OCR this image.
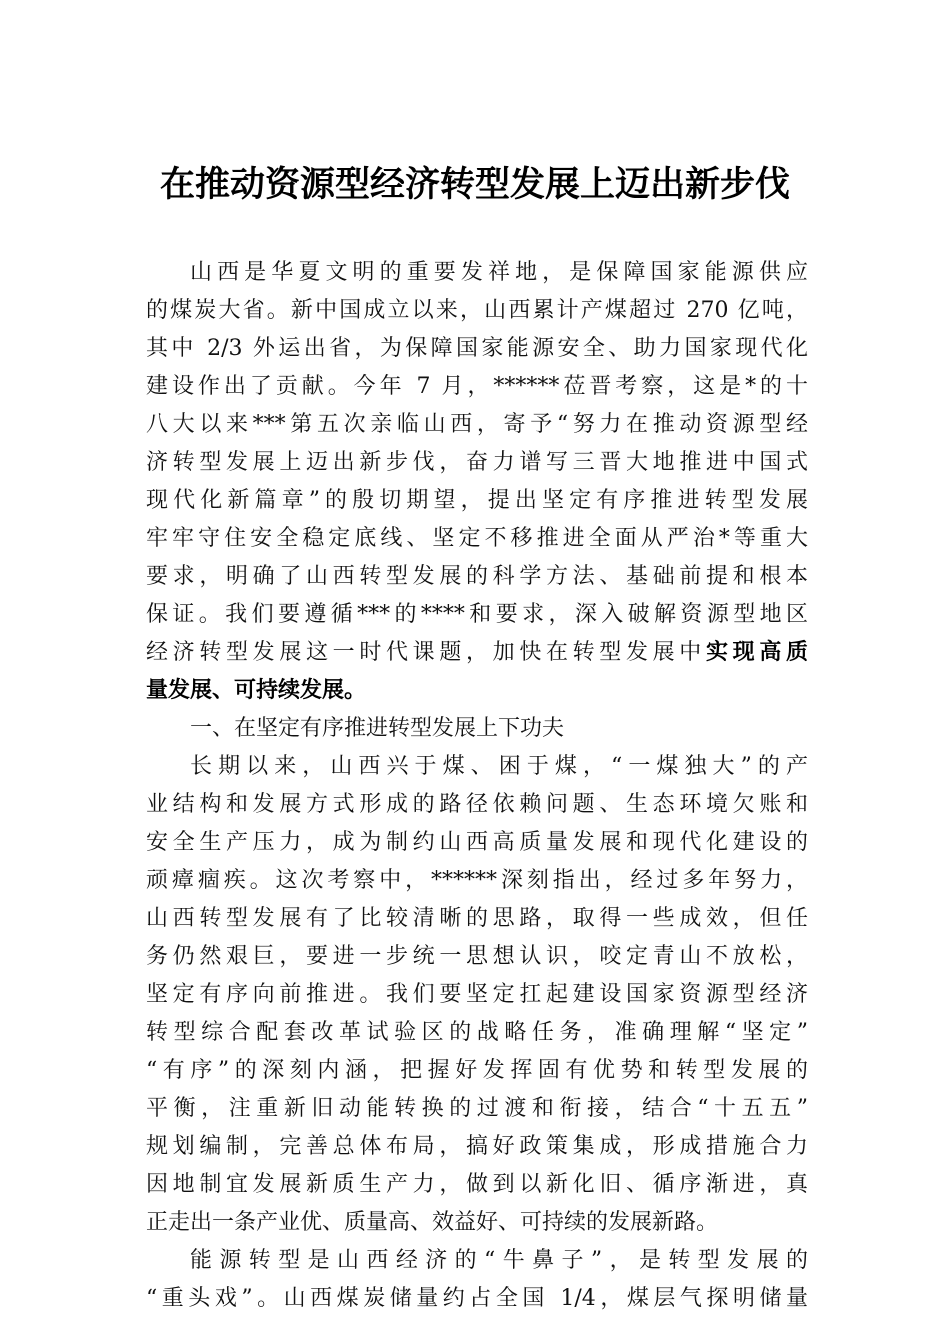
在推动资源型经济转型发展上迈出新步伐
山西是华夏文明的重要发祥地，是保障国家能源供应
的煤炭大省。新中国成立以来，山西累计产煤超过 270 亿吨，
其中 2/3 外运出省，为保障国家能源安全、助力国家现代化
建设作出了贡献。今年 7 月，******莅晋考察，这是*的十
八大以来***第五次亲临山西，寄予“努力在推动资源型经
济转型发展上迈出新步伐，奋力谱写三晋大地推进中国式
现代化新篇章”的殷切期望，提出坚定有序推进转型发展
牢牢守住安全稳定底线、坚定不移推进全面从严治*等重大
要求，明确了山西转型发展的科学方法、基础前提和根本
保证。我们要遵循***的****和要求，深入破解资源型地区
经济转型发展这一时代课题，加快在转型发展中实现高质
量发展、可持续发展。
一、在坚定有序推进转型发展上下功夫
长期以来，山西兴于煤、困于煤，“一煤独大”的产
业结构和发展方式形成的路径依赖问题、生态环境欠账和
安全生产压力，成为制约山西高质量发展和现代化建设的
顽瘴痼疾。这次考察中，******深刻指出，经过多年努力，
山西转型发展有了比较清晰的思路，取得一些成效，但任
务仍然艰巨，要进一步统一思想认识，咬定青山不放松，
坚定有序向前推进。我们要坚定扛起建设国家资源型经济
转型综合配套改革试验区的战略任务，准确理解“坚定”
“有序”的深刻内涵，把握好发挥固有优势和转型发展的
平衡，注重新旧动能转换的过渡和衔接，结合“十五五”
规划编制，完善总体布局，搞好政策集成，形成措施合力
因地制宜发展新质生产力，做到以新化旧、循序渐进，真
正走出一条产业优、质量高、效益好、可持续的发展新路。
能源转型是山西经济的“牛鼻子”，是转型发展的
“重头戏”。山西煤炭储量约占全国 1/4，煤层气探明储量
